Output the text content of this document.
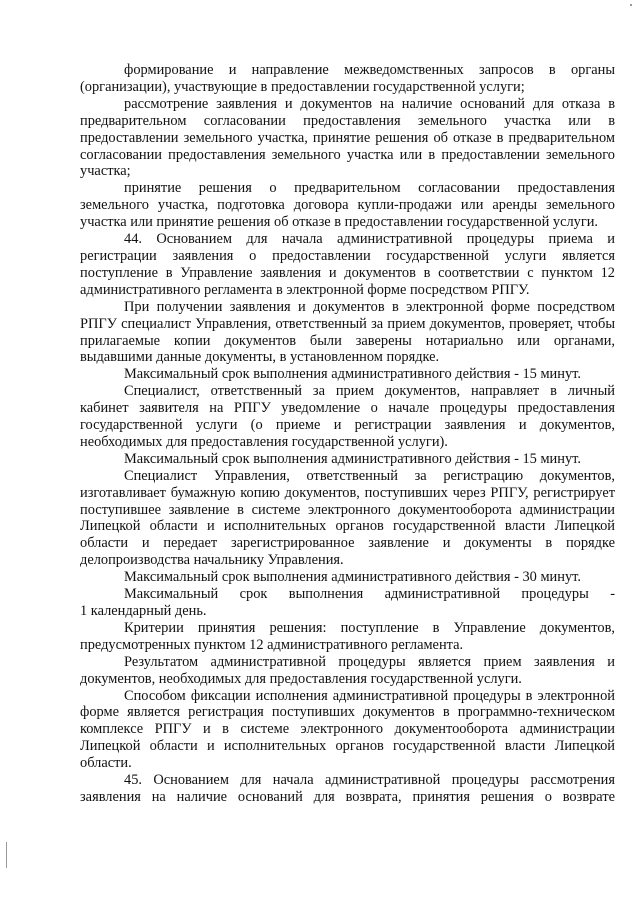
формирование и направление межведомственных запросов в органы (организации), участвующие в предоставлении государственной услуги;

рассмотрение заявления и документов на наличие оснований для отказа в предварительном согласовании предоставления земельного участка или в предоставлении земельного участка, принятие решения об отказе в предварительном согласовании предоставления земельного участка или в предоставлении земельного участка;

принятие решения о предварительном согласовании предоставления земельного участка, подготовка договора купли-продажи или аренды земельного участка или принятие решения об отказе в предоставлении государственной услуги.

44. Основанием для начала административной процедуры приема и регистрации заявления о предоставлении государственной услуги является поступление в Управление заявления и документов в соответствии с пунктом 12 административного регламента в электронной форме посредством РПГУ.

При получении заявления и документов в электронной форме посредством РПГУ специалист Управления, ответственный за прием документов, проверяет, чтобы прилагаемые копии документов были заверены нотариально или органами, выдавшими данные документы, в установленном порядке.

Максимальный срок выполнения административного действия - 15 минут.

Специалист, ответственный за прием документов, направляет в личный кабинет заявителя на РПГУ уведомление о начале процедуры предоставления государственной услуги (о приеме и регистрации заявления и документов, необходимых для предоставления государственной услуги).

Максимальный срок выполнения административного действия - 15 минут.

Специалист Управления, ответственный за регистрацию документов, изготавливает бумажную копию документов, поступивших через РПГУ, регистрирует поступившее заявление в системе электронного документооборота администрации Липецкой области и исполнительных органов государственной власти Липецкой области и передает зарегистрированное заявление и документы в порядке делопроизводства начальнику Управления.

Максимальный срок выполнения административного действия - 30 минут.

Максимальный срок выполнения административной процедуры -

1 календарный день.

Критерии принятия решения: поступление в Управление документов, предусмотренных пунктом 12 административного регламента.

Результатом административной процедуры является прием заявления и документов, необходимых для предоставления государственной услуги.

Способом фиксации исполнения административной процедуры в электронной форме является регистрация поступивших документов в программно-техническом комплексе РПГУ и в системе электронного документооборота администрации Липецкой области и исполнительных органов государственной власти Липецкой области.

45. Основанием для начала административной процедуры рассмотрения заявления на наличие оснований для возврата, принятия решения о возврате
